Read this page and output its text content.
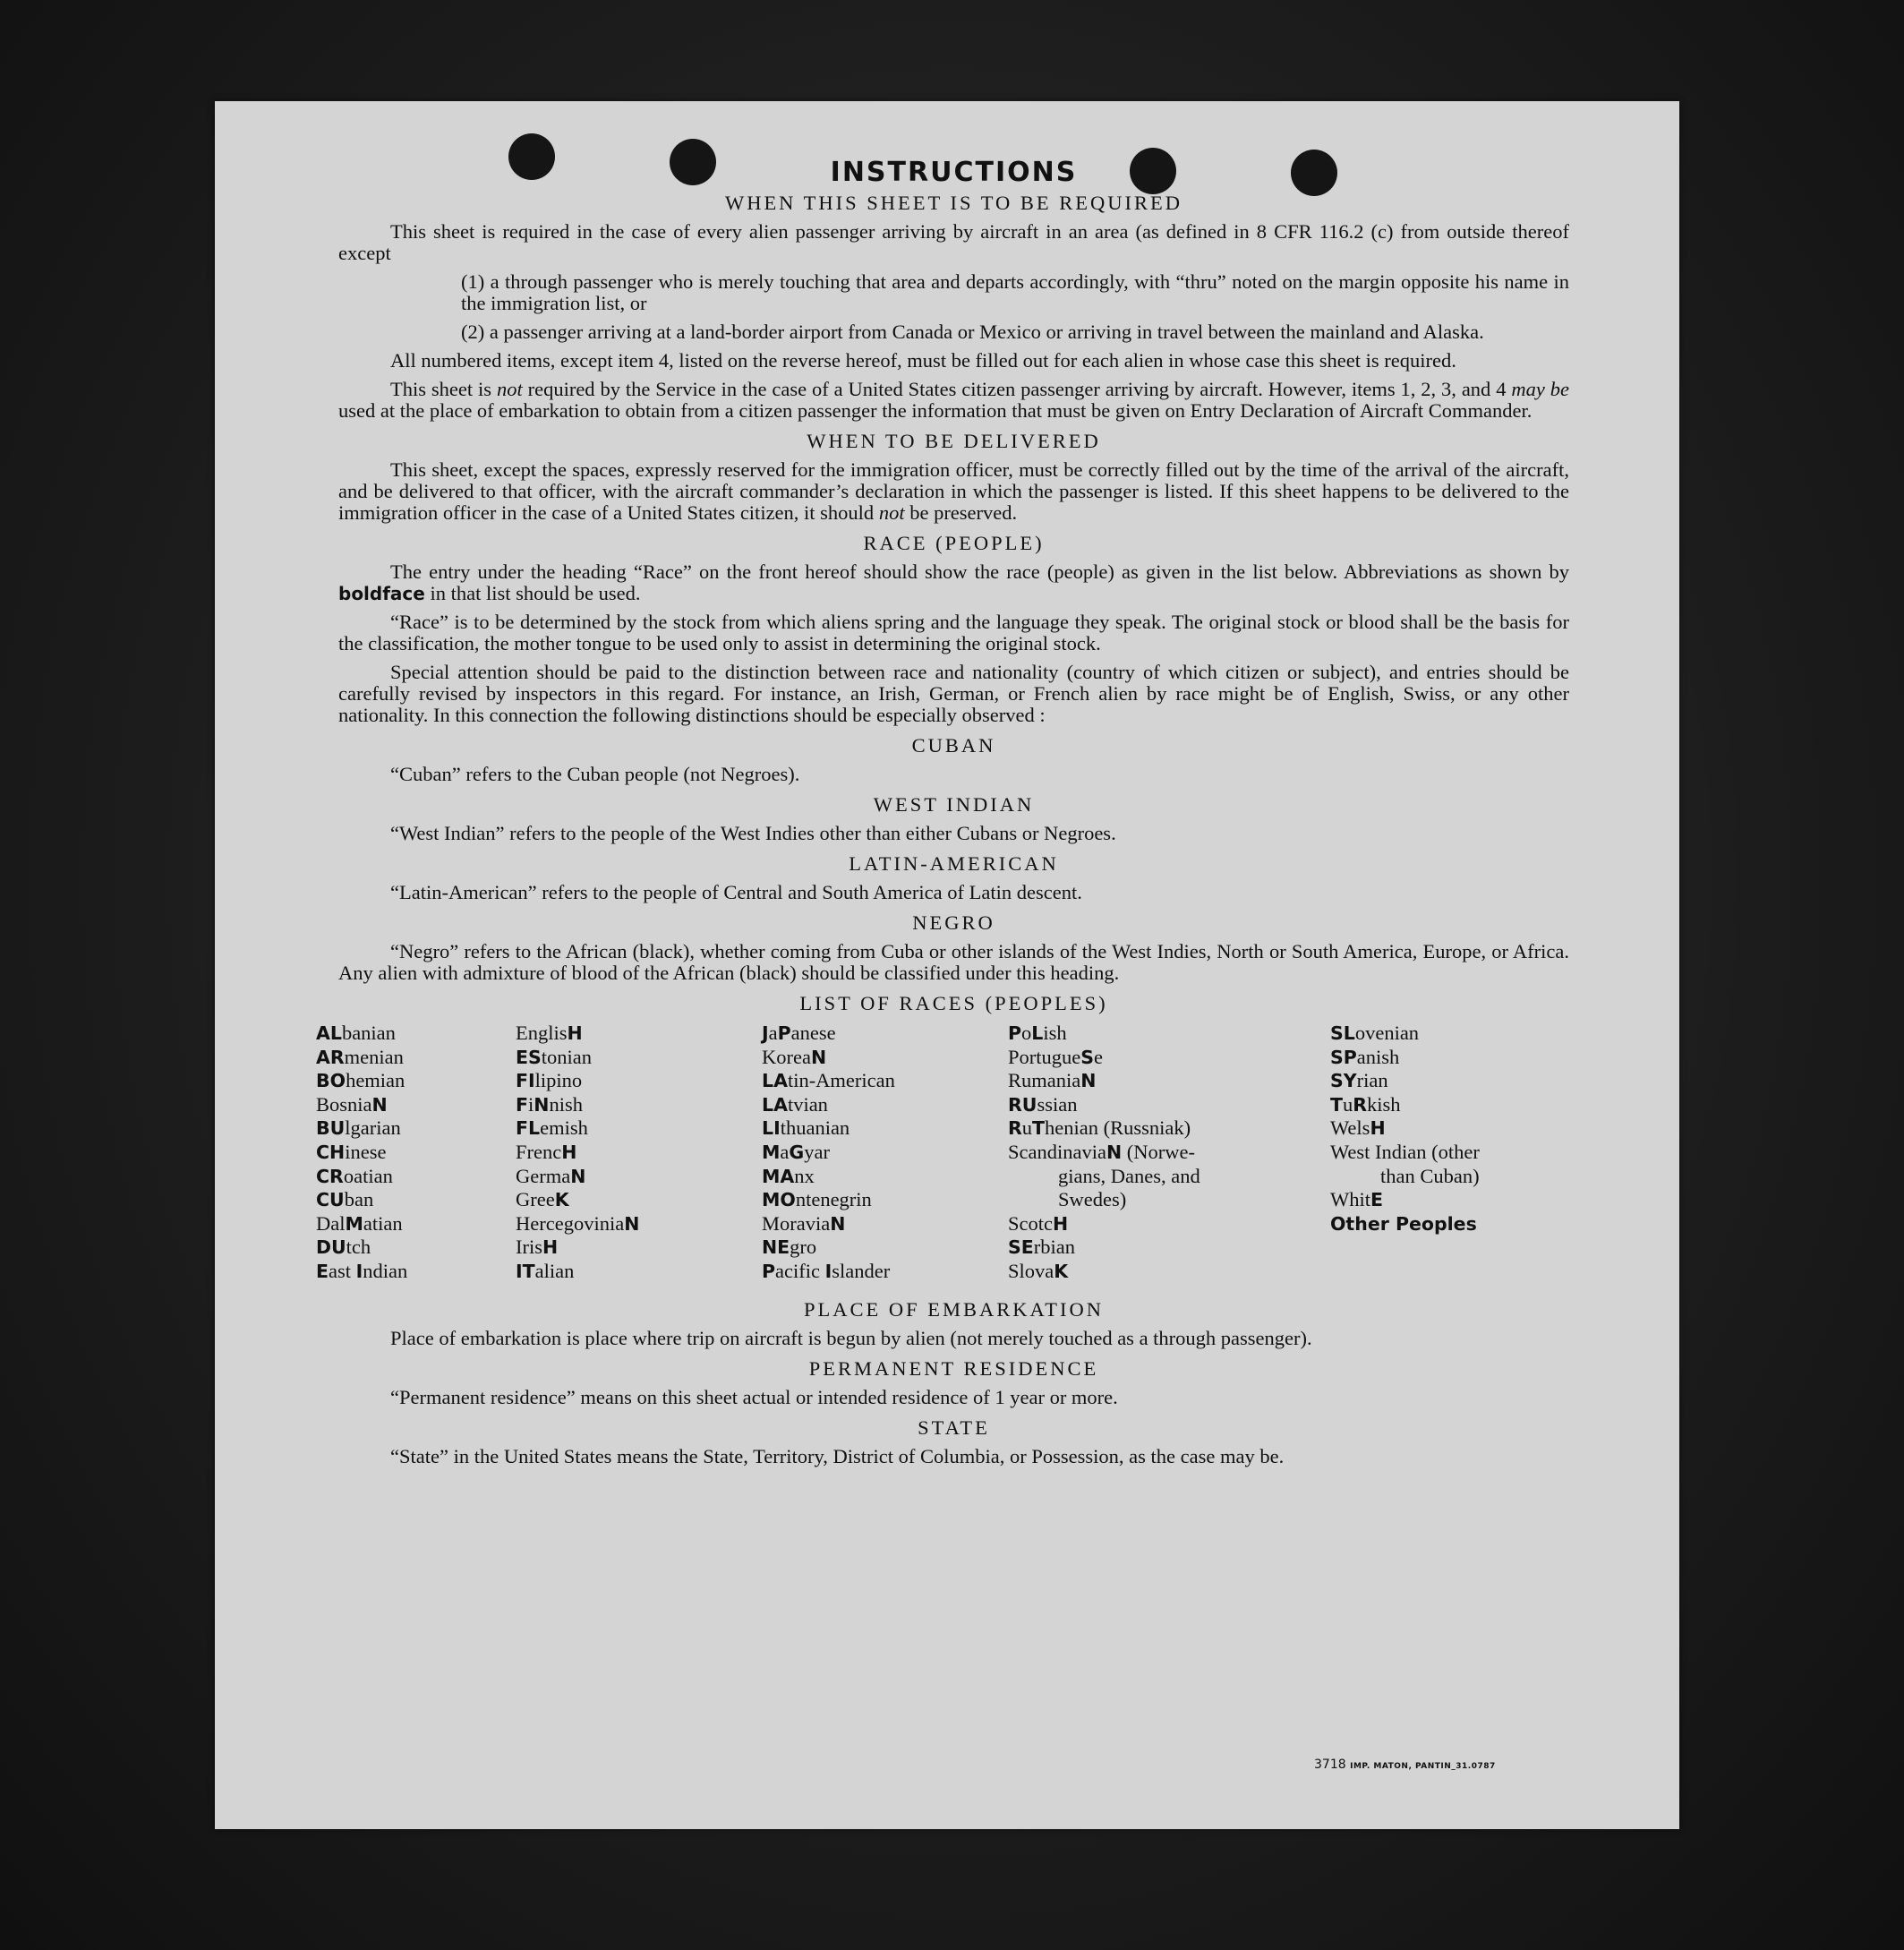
INSTRUCTIONS
WHEN THIS SHEET IS TO BE REQUIRED

This sheet is required in the case of every alien passenger arriving by aircraft in an area (as defined in 8 CFR 116.2 (c) from outside thereof except

(1) a through passenger who is merely touching that area and departs accordingly, with “thru” noted on the margin opposite his name in the immigration list, or

(2) a passenger arriving at a land-border airport from Canada or Mexico or arriving in travel between the mainland and Alaska.

All numbered items, except item 4, listed on the reverse hereof, must be filled out for each alien in whose case this sheet is required.

This sheet is not required by the Service in the case of a United States citizen passenger arriving by aircraft. However, items 1, 2, 3, and 4 may be used at the place of embarkation to obtain from a citizen passenger the information that must be given on Entry Declaration of Aircraft Commander.

WHEN TO BE DELIVERED

This sheet, except the spaces, expressly reserved for the immigration officer, must be correctly filled out by the time of the arrival of the aircraft, and be delivered to that officer, with the aircraft commander’s declaration in which the passenger is listed. If this sheet happens to be delivered to the immigration officer in the case of a United States citizen, it should not be preserved.

RACE (PEOPLE)

The entry under the heading “Race” on the front hereof should show the race (people) as given in the list below. Abbreviations as shown by boldface in that list should be used.

“Race” is to be determined by the stock from which aliens spring and the language they speak. The original stock or blood shall be the basis for the classification, the mother tongue to be used only to assist in determining the original stock.

Special attention should be paid to the distinction between race and nationality (country of which citizen or subject), and entries should be carefully revised by inspectors in this regard. For instance, an Irish, German, or French alien by race might be of English, Swiss, or any other nationality. In this connection the following distinctions should be especially observed :

CUBAN

“Cuban” refers to the Cuban people (not Negroes).

WEST INDIAN

“West Indian” refers to the people of the West Indies other than either Cubans or Negroes.

LATIN-AMERICAN

“Latin-American” refers to the people of Central and South America of Latin descent.

NEGRO

“Negro” refers to the African (black), whether coming from Cuba or other islands of the West Indies, North or South America, Europe, or Africa. Any alien with admixture of blood of the African (black) should be classified under this heading.

LIST OF RACES (PEOPLES)
ALbanian
ARmenian
BOhemian
BosniaN
BUlgarian
CHinese
CRoatian
CUban
DalMatian
DUtch
East Indian
EnglisH
EStonian
FIlipino
FiNnish
FLemish
FrencH
GermaN
GreeK
HercegoviniaN
IrisH
ITalian
JaPanese
KoreaN
LAtin-American
LAtvian
LIthuanian
MaGyar
MAnx
MOntenegrin
MoraviaN
NEgro
Pacific Islander
PoLish
PortugueSe
RumaniaN
RUssian
RuThenian (Russniak)
ScandinaviaN (Norwe-
gians, Danes, and
Swedes)
ScotcH
SErbian
SlovaK
SLovenian
SPanish
SYrian
TuRkish
WelsH
West Indian (other
than Cuban)
WhitE
Other Peoples
PLACE OF EMBARKATION

Place of embarkation is place where trip on aircraft is begun by alien (not merely touched as a through passenger).

PERMANENT RESIDENCE

“Permanent residence” means on this sheet actual or intended residence of 1 year or more.

STATE

“State” in the United States means the State, Territory, District of Columbia, or Possession, as the case may be.

3718 IMP. MATON, PANTIN_31.0787
